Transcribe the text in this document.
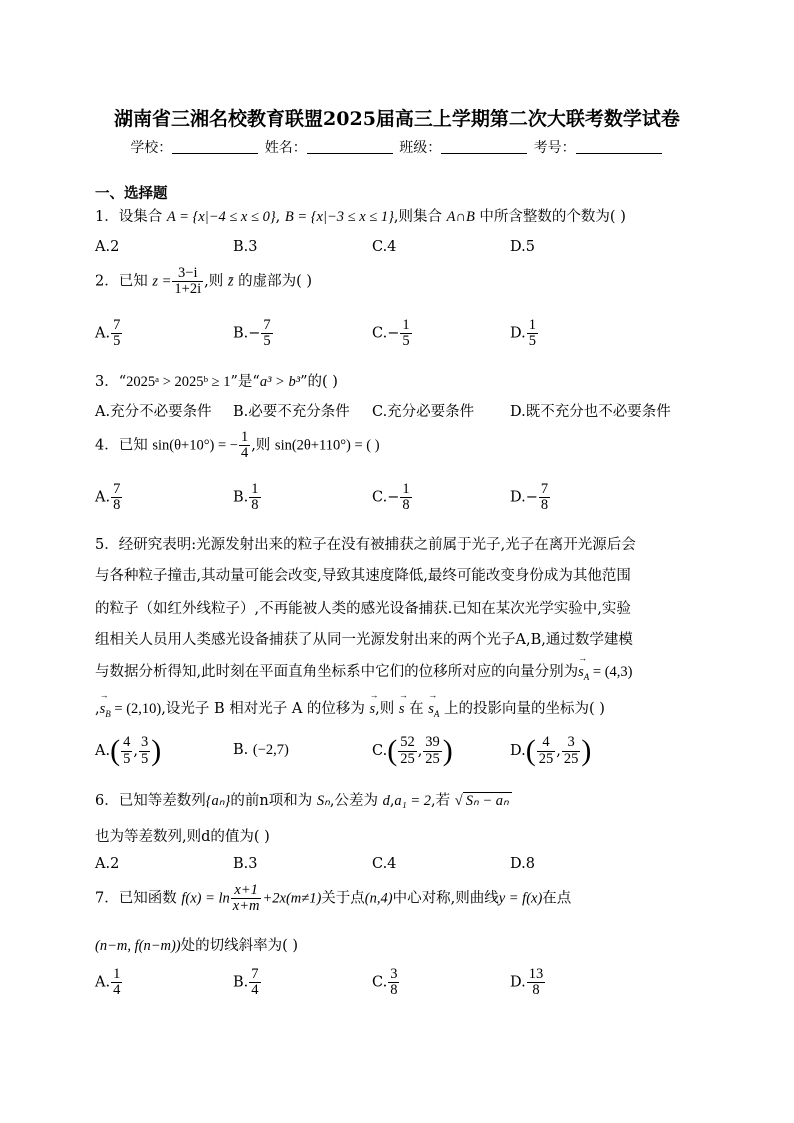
湖南省三湘名校教育联盟2025届高三上学期第二次大联考数学试卷
学校：	姓名：	班级：	考号：
一、选择题
1．设集合 A = {x|−4 ≤ x ≤ 0}, B = {x|−3 ≤ x ≤ 1},则集合 A∩B 中所含整数的个数为( )
A.2	B.3	C.4	D.5
2．已知 $z = \frac{3-i}{1+2i}$ ,则 z̄ 的虚部为( )
A. $\frac{7}{5}$	$B.- \frac{7}{5}$	$C.- \frac{1}{5}$	D. $\frac{1}{5}$
3．“2025ᵃ > 2025ᵇ ≥ 1”是“a³ > b³”的( )
A.充分不必要条件 B.必要不充分条件 C.充分必要条件 D.既不充分也不必要条件
4．已知 sin(θ+10°) = − $\frac{1}{4}$ ,则 sin(2θ+110°) = ( )
A. $\frac{7}{8}$	B. $\frac{1}{8}$	$C.- \frac{1}{8}$	$D.- \frac{7}{8}$
5．经研究表明:光源发射出来的粒子在没有被捕获之前属于光子,光子在离开光源后会
与各种粒子撞击,其动量可能会改变,导致其速度降低,最终可能改变身份成为其他范围
的粒子（如红外线粒子）,不再能被人类的感光设备捕获.已知在某次光学实验中,实验
组相关人员用人类感光设备捕获了从同一光源发射出来的两个光子A,B,通过数学建模
与数据分析得知,此时刻在平面直角坐标系中它们的位移所对应的向量分别为→ $s_A = (4,3)$
,→ $s_B = (2,10)$,设光子 B 相对光子 A 的位移为 → s,则 → s 在 → $s_A$ 上的投影向量的坐标为( )
$A.( \frac{4}{5}$ , $\frac{3}{5}$ )	B. (−2,7)	$C.( \frac{52}{25}$ , $\frac{39}{25}$ )	$D.( \frac{4}{25}$ , $\frac{3}{25}$ )
6．已知等差数列{aₙ}的前n项和为 Sₙ,公差为 d,a₁ = 2,若 √ Sₙ − aₙ
也为等差数列,则d的值为( )
A.2	B.3	C.4	D.8
7．已知函数 $f(x) = \ln \frac{x+1}{x+m} +2x(m\ne 1)$关于点(n,4)中心对称,则曲线y = f(x)在点
(n−m, f(n−m))处的切线斜率为( )
A. $\frac{1}{4}$	B. $\frac{7}{4}$	C. $\frac{3}{8}$	D. $\frac{13}{8}$
